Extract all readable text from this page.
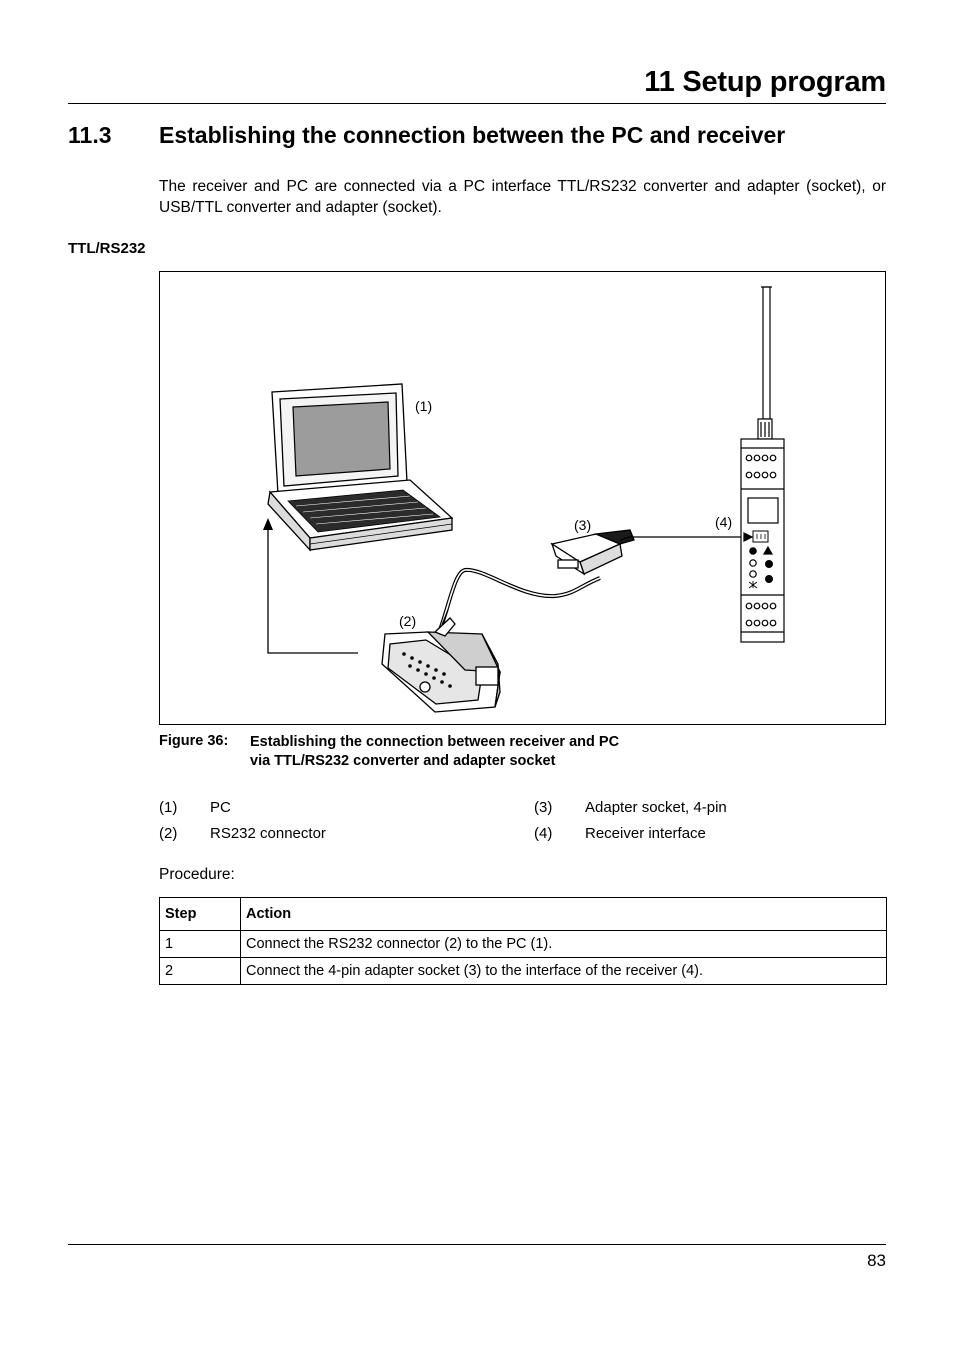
11 Setup program
11.3 Establishing the connection between the PC and receiver
The receiver and PC are connected via a PC interface TTL/RS232 converter and adapter (socket), or USB/TTL converter and adapter (socket).
TTL/RS232
(1)
(2)
(3)	(4)
Figure 36: Establishing the connection between receiver and PC
via TTL/RS232 converter and adapter socket
(1) PC
(2) RS232 connector
(3) Adapter socket, 4-pin
(4) Receiver interface
Procedure:
Step	Action
1	Connect the RS232 connector (2) to the PC (1).
2	Connect the 4-pin adapter socket (3) to the interface of the receiver (4).
83
